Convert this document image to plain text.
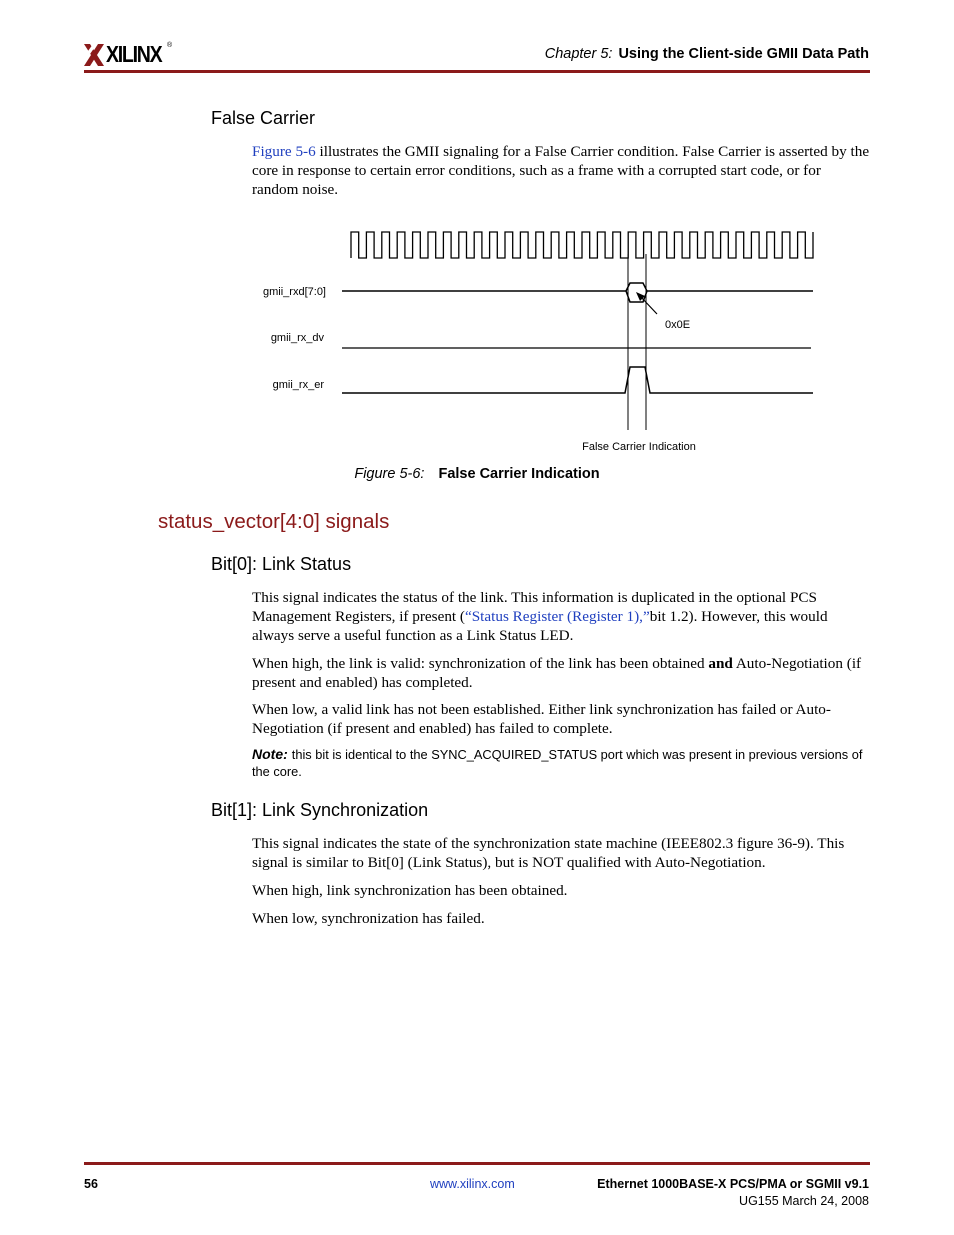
XILINX ®
Chapter 5: Using the Client-side GMII Data Path
False Carrier

Figure 5-6 illustrates the GMII signaling for a False Carrier condition. False Carrier is asserted by the core in response to certain error conditions, such as a frame with a corrupted start code, or for random noise.

gmii_rxd[7:0]
gmii_rx_dv
gmii_rx_er
0x0E
False Carrier Indication
Figure 5-6: False Carrier Indication
status_vector[4:0] signals
Bit[0]: Link Status

This signal indicates the status of the link. This information is duplicated in the optional PCS Management Registers, if present (“Status Register (Register 1),”bit 1.2). However, this would always serve a useful function as a Link Status LED.

When high, the link is valid: synchronization of the link has been obtained and Auto-Negotiation (if present and enabled) has completed.

When low, a valid link has not been established. Either link synchronization has failed or Auto-Negotiation (if present and enabled) has failed to complete.

Note: this bit is identical to the SYNC_ACQUIRED_STATUS port which was present in previous versions of the core.

Bit[1]: Link Synchronization

This signal indicates the state of the synchronization state machine (IEEE802.3 figure 36-9). This signal is similar to Bit[0] (Link Status), but is NOT qualified with Auto-Negotiation.

When high, link synchronization has been obtained.

When low, synchronization has failed.

56	www.xilinx.com	Ethernet 1000BASE-X PCS/PMA or SGMII v9.1
UG155 March 24, 2008
